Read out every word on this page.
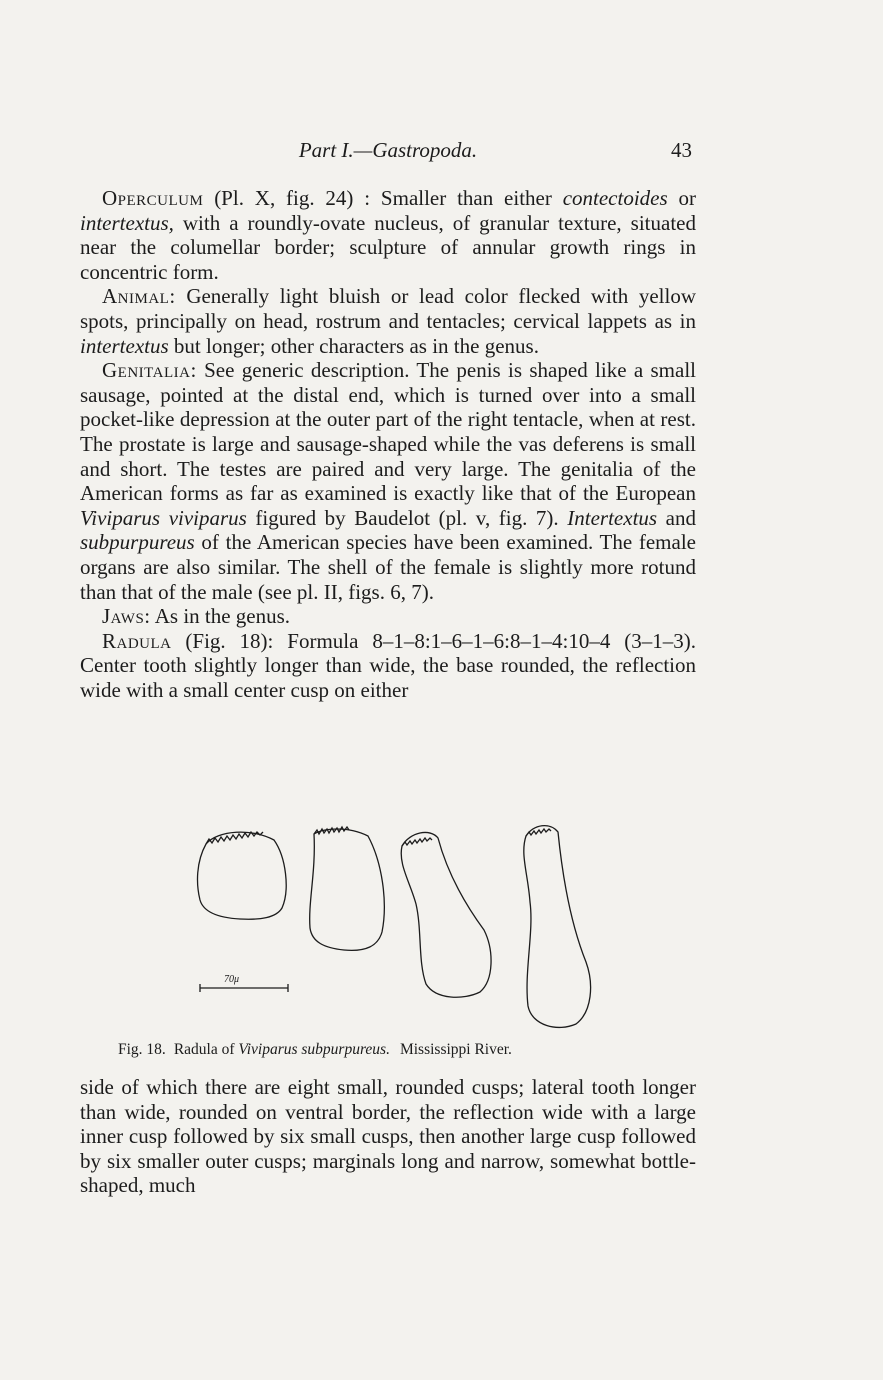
Part I.—Gastropoda.	43

Operculum (Pl. X, fig. 24) : Smaller than either contectoides or intertextus, with a roundly-ovate nucleus, of granular texture, situated near the columellar border; sculpture of annular growth rings in concentric form.

Animal: Generally light bluish or lead color flecked with yellow spots, principally on head, rostrum and tentacles; cervical lappets as in intertextus but longer; other characters as in the genus.

Genitalia: See generic description. The penis is shaped like a small sausage, pointed at the distal end, which is turned over into a small pocket-like depression at the outer part of the right tentacle, when at rest. The prostate is large and sausage-shaped while the vas deferens is small and short. The testes are paired and very large. The genitalia of the American forms as far as examined is exactly like that of the European Viviparus viviparus figured by Baudelot (pl. v, fig. 7). Intertextus and subpurpureus of the American species have been examined. The female organs are also similar. The shell of the female is slightly more rotund than that of the male (see pl. II, figs. 6, 7).

Jaws: As in the genus.

Radula (Fig. 18): Formula 8–1–8:1–6–1–6:8–1–4:10–4 (3–1–3). Center tooth slightly longer than wide, the base rounded, the reflection wide with a small center cusp on either

70μ
Fig. 18. Radula of Viviparus subpurpureus. Mississippi River.

side of which there are eight small, rounded cusps; lateral tooth longer than wide, rounded on ventral border, the reflection wide with a large inner cusp followed by six small cusps, then another large cusp followed by six smaller outer cusps; marginals long and narrow, somewhat bottle-shaped, much
